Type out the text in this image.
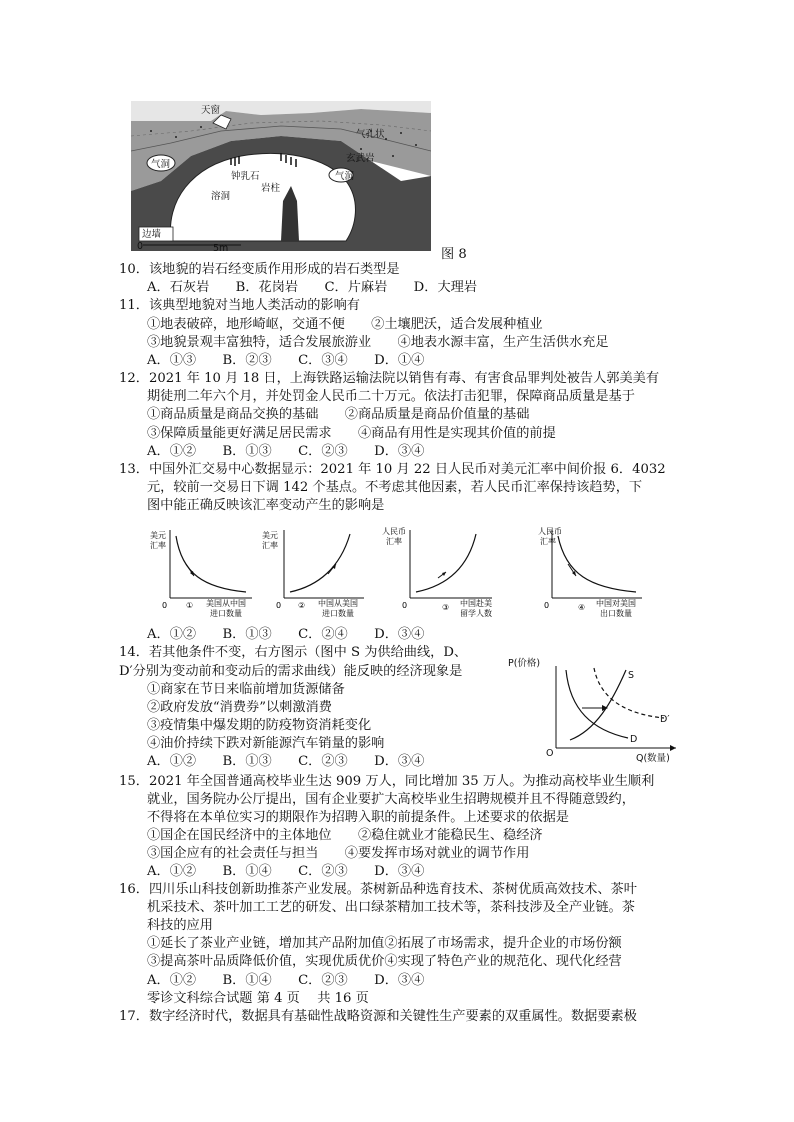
天窗
气孔状
玄武岩
气洞
气洞
钟乳石
溶洞
岩柱
边墙
0	5m	图 8
10．该地貌的岩石经变质作用形成的岩石类型是
A．石灰岩　　B．花岗岩　　C．片麻岩　　D．大理岩
11．该典型地貌对当地人类活动的影响有
①地表破碎，地形崎岖，交通不便　　②土壤肥沃，适合发展种植业
③地貌景观丰富独特，适合发展旅游业　　④地表水源丰富，生产生活供水充足
A．①③　　B．②③　　C．③④　　D．①④
12．2021 年 10 月 18 日，上海铁路运输法院以销售有毒、有害食品罪判处被告人郭美美有
期徒刑二年六个月，并处罚金人民币二十万元。依法打击犯罪，保障商品质量是基于
①商品质量是商品交换的基础　　②商品质量是商品价值量的基础
③保障质量能更好满足居民需求　　④商品有用性是实现其价值的前提
A．①②　　B．①③　　C．②③　　D．③④
13．中国外汇交易中心数据显示：2021 年 10 月 22 日人民币对美元汇率中间价报 6．4032
元，较前一交易日下调 142 个基点。不考虑其他因素，若人民币汇率保持该趋势，下
图中能正确反映该汇率变动产生的影响是
美元
汇率
0 ① 美国从中国
进口数量
美元
汇率
0 ② 中国从美国
进口数量
人民币
汇率
0	③ 中国赴美
留学人数
人民币
汇率
0	④ 中国对美国
出口数量
A．①②　　B．①③　　C．②④　　D．③④
14．若其他条件不变，右方图示（图中 S 为供给曲线，D、
D′分别为变动前和变动后的需求曲线）能反映的经济现象是
①商家在节日来临前增加货源储备
②政府发放“消费券”以刺激消费
③疫情集中爆发期的防疫物资消耗变化
④油价持续下跌对新能源汽车销量的影响
A．①②　　B．①③　　C．②③　　D．③④
P(价格)
S
D
D′
O	Q(数量)
15．2021 年全国普通高校毕业生达 909 万人，同比增加 35 万人。为推动高校毕业生顺利
就业，国务院办公厅提出，国有企业要扩大高校毕业生招聘规模并且不得随意毁约，
不得将在本单位实习的期限作为招聘入职的前提条件。上述要求的依据是
①国企在国民经济中的主体地位　　②稳住就业才能稳民生、稳经济
③国企应有的社会责任与担当　　④要发挥市场对就业的调节作用
A．①②　　B．①④　　C．②③　　D．③④
16．四川乐山科技创新助推茶产业发展。茶树新品种选育技术、茶树优质高效技术、茶叶
机采技术、茶叶加工工艺的研发、出口绿茶精加工技术等，茶科技涉及全产业链。茶
科技的应用
①延长了茶业产业链，增加其产品附加值②拓展了市场需求，提升企业的市场份额
③提高茶叶品质降低价值，实现优质优价④实现了特色产业的规范化、现代化经营
A．①②　　B．①④　　C．②③　　D．③④
零诊文科综合试题 第 4 页　 共 16 页
17．数字经济时代，数据具有基础性战略资源和关键性生产要素的双重属性。数据要素极
